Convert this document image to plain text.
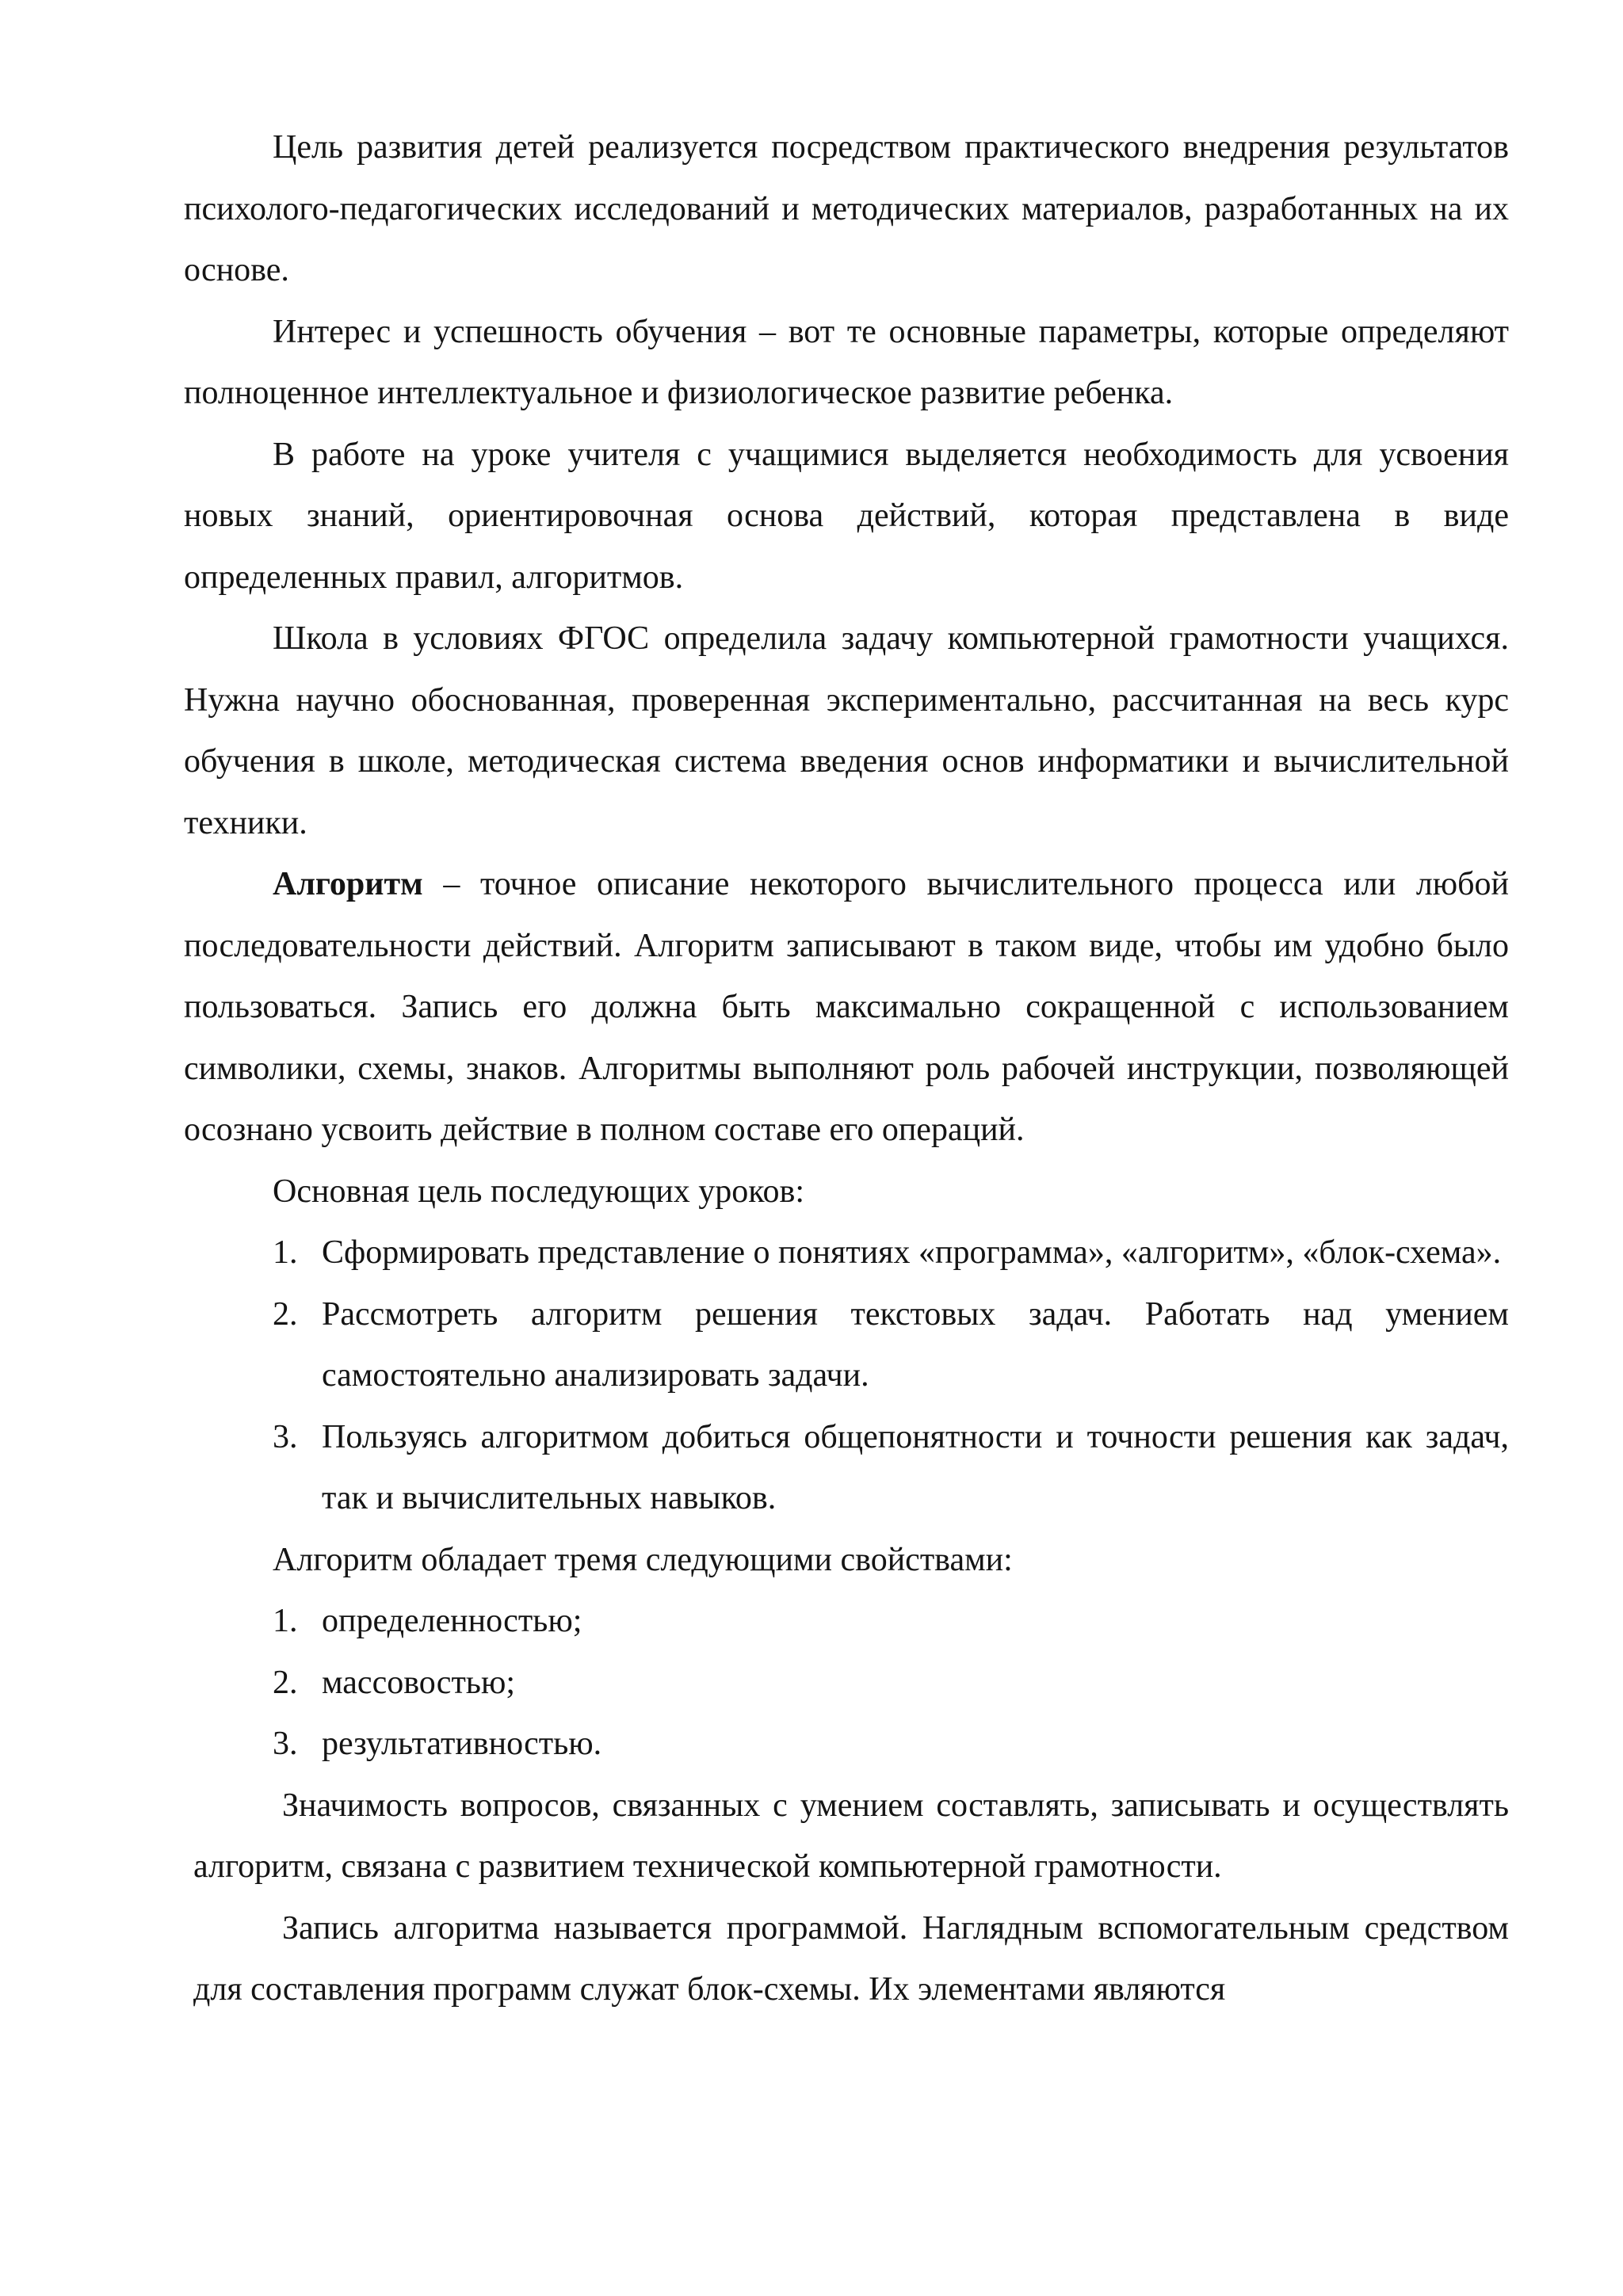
Цель развития детей реализуется посредством практического внедрения результатов психолого-педагогических исследований и методических материалов, разработанных на их основе.

Интерес и успешность обучения – вот те основные параметры, которые определяют полноценное интеллектуальное и физиологическое развитие ребенка.

В работе на уроке учителя с учащимися выделяется необходимость для усвоения новых знаний, ориентировочная основа действий, которая представлена в виде определенных правил, алгоритмов.

Школа в условиях ФГОС определила задачу компьютерной грамотности учащихся. Нужна научно обоснованная, проверенная экспериментально, рассчитанная на весь курс обучения в школе, методическая система введения основ информатики и вычислительной техники.

Алгоритм – точное описание некоторого вычислительного процесса или любой последовательности действий. Алгоритм записывают в таком виде, чтобы им удобно было пользоваться. Запись его должна быть максимально сокращенной с использованием символики, схемы, знаков. Алгоритмы выполняют роль рабочей инструкции, позволяющей осознано усвоить действие в полном составе его операций.

Основная цель последующих уроков:

1. Сформировать представление о понятиях «программа», «алгоритм», «блок-схема».
2. Рассмотреть алгоритм решения текстовых задач. Работать над умением самостоятельно анализировать задачи.
3. Пользуясь алгоритмом добиться общепонятности и точности решения как задач, так и вычислительных навыков.

Алгоритм обладает тремя следующими свойствами:

1. определенностью;
2. массовостью;
3. результативностью.

Значимость вопросов, связанных с умением составлять, записывать и осуществлять алгоритм, связана с развитием технической компьютерной грамотности.

Запись алгоритма называется программой. Наглядным вспомогательным средством для составления программ служат блок-схемы. Их элементами являются
